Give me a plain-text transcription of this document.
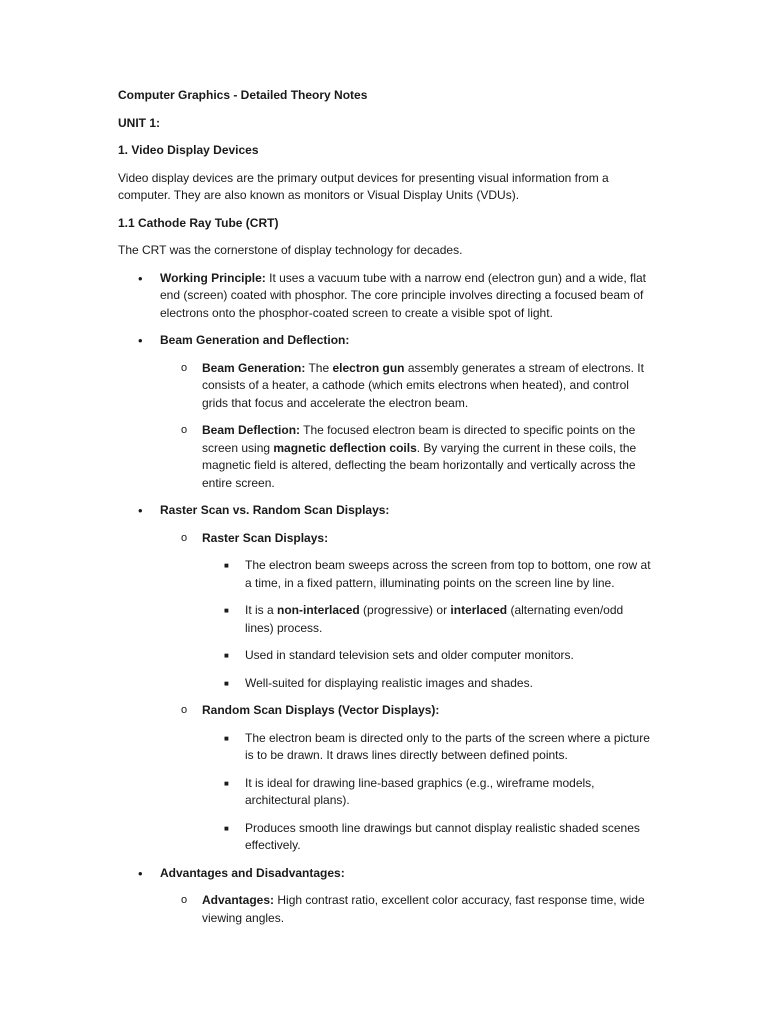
Computer Graphics - Detailed Theory Notes

UNIT 1:

1. Video Display Devices

Video display devices are the primary output devices for presenting visual information from a computer. They are also known as monitors or Visual Display Units (VDUs).

1.1 Cathode Ray Tube (CRT)

The CRT was the cornerstone of display technology for decades.

• Working Principle: It uses a vacuum tube with a narrow end (electron gun) and a wide, flat end (screen) coated with phosphor. The core principle involves directing a focused beam of electrons onto the phosphor-coated screen to create a visible spot of light.

• Beam Generation and Deflection:

o Beam Generation: The electron gun assembly generates a stream of electrons. It consists of a heater, a cathode (which emits electrons when heated), and control grids that focus and accelerate the electron beam.

o Beam Deflection: The focused electron beam is directed to specific points on the screen using magnetic deflection coils. By varying the current in these coils, the magnetic field is altered, deflecting the beam horizontally and vertically across the entire screen.

• Raster Scan vs. Random Scan Displays:

o Raster Scan Displays:

■ The electron beam sweeps across the screen from top to bottom, one row at a time, in a fixed pattern, illuminating points on the screen line by line.

■ It is a non-interlaced (progressive) or interlaced (alternating even/odd lines) process.

■ Used in standard television sets and older computer monitors.

■ Well-suited for displaying realistic images and shades.

o Random Scan Displays (Vector Displays):

■ The electron beam is directed only to the parts of the screen where a picture is to be drawn. It draws lines directly between defined points.

■ It is ideal for drawing line-based graphics (e.g., wireframe models, architectural plans).

■ Produces smooth line drawings but cannot display realistic shaded scenes effectively.

• Advantages and Disadvantages:

o Advantages: High contrast ratio, excellent color accuracy, fast response time, wide viewing angles.
